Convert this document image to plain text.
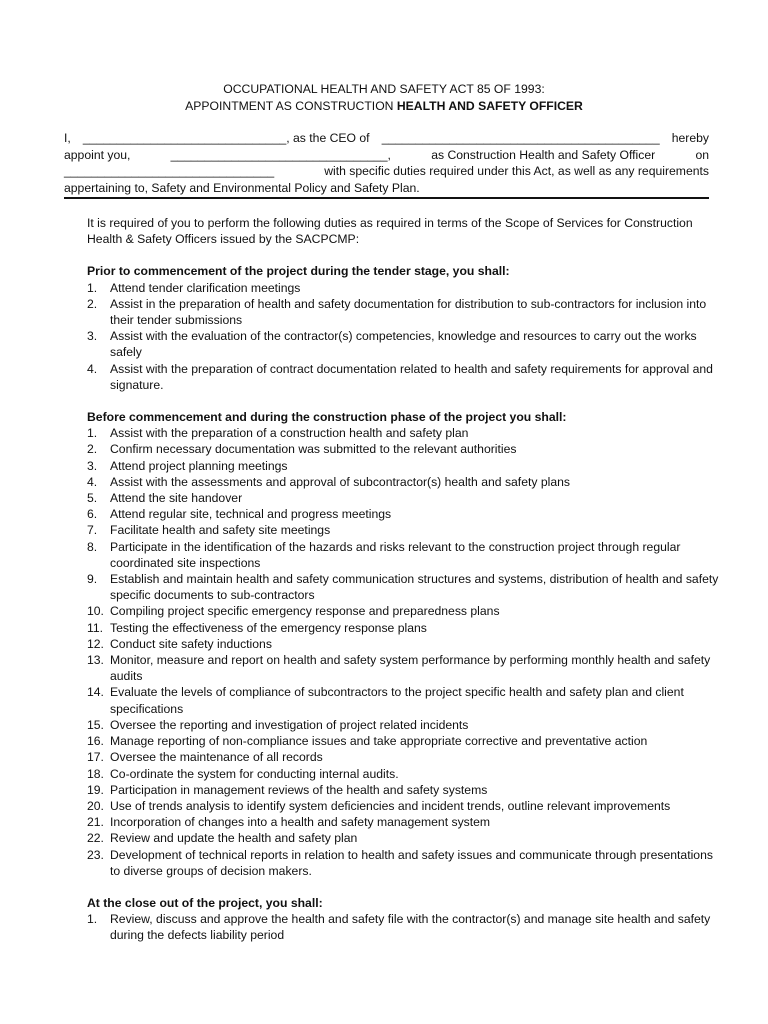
OCCUPATIONAL HEALTH AND SAFETY ACT 85 OF 1993:
APPOINTMENT AS CONSTRUCTION HEALTH AND SAFETY OFFICER
I, ______________________________, as the CEO of _________________________________________ hereby
appoint you,	________________________________,	as Construction Health and Safety Officer	on
_______________________________	with specific duties required under this Act, as well as any requirements
appertaining to, Safety and Environmental Policy and Safety Plan.

It is required of you to perform the following duties as required in terms of the Scope of Services for Construction Health & Safety Officers issued by the SACPCMP:

Prior to commencement of the project during the tender stage, you shall:

1. Attend tender clarification meetings
2. Assist in the preparation of health and safety documentation for distribution to sub-contractors for inclusion into their tender submissions
3. Assist with the evaluation of the contractor(s) competencies, knowledge and resources to carry out the works safely
4. Assist with the preparation of contract documentation related to health and safety requirements for approval and signature.

Before commencement and during the construction phase of the project you shall:

1. Assist with the preparation of a construction health and safety plan
2. Confirm necessary documentation was submitted to the relevant authorities
3. Attend project planning meetings
4. Assist with the assessments and approval of subcontractor(s) health and safety plans
5. Attend the site handover
6. Attend regular site, technical and progress meetings
7. Facilitate health and safety site meetings
8. Participate in the identification of the hazards and risks relevant to the construction project through regular coordinated site inspections
9. Establish and maintain health and safety communication structures and systems, distribution of health and safety specific documents to sub-contractors
10. Compiling project specific emergency response and preparedness plans
11. Testing the effectiveness of the emergency response plans
12. Conduct site safety inductions
13. Monitor, measure and report on health and safety system performance by performing monthly health and safety audits
14. Evaluate the levels of compliance of subcontractors to the project specific health and safety plan and client specifications
15. Oversee the reporting and investigation of project related incidents
16. Manage reporting of non-compliance issues and take appropriate corrective and preventative action
17. Oversee the maintenance of all records
18. Co-ordinate the system for conducting internal audits.
19. Participation in management reviews of the health and safety systems
20. Use of trends analysis to identify system deficiencies and incident trends, outline relevant improvements
21. Incorporation of changes into a health and safety management system
22. Review and update the health and safety plan
23. Development of technical reports in relation to health and safety issues and communicate through presentations to diverse groups of decision makers.

At the close out of the project, you shall:

1. Review, discuss and approve the health and safety file with the contractor(s) and manage site health and safety during the defects liability period
